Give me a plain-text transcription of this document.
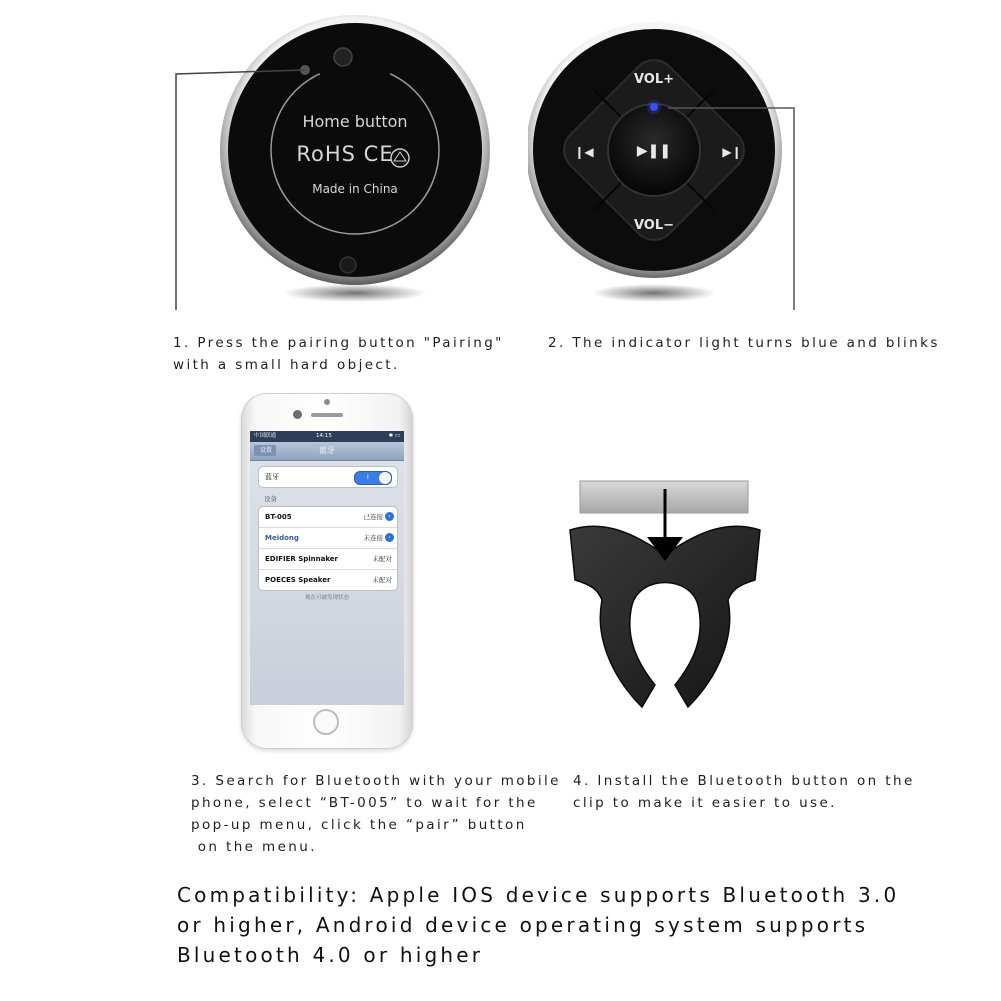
Home button
RoHS CE
Made in China
VOL+
VOL−
▶❚❚
❙◀	▶❙
1. Press the pairing button "Pairing"
with a small hard object.
2. The indicator light turns blue and blinks
中国联通	14:15	✱ ▭
设置	蓝牙
蓝牙	I
设备
BT-005	已连接 ›
Meidong	未连接 ›
EDIFIER Spinnaker	未配对
POECES Speaker	未配对
现在可被发现状态
3. Search for Bluetooth with your mobile
phone, select “BT-005” to wait for the
pop-up menu, click the “pair” button
on the menu.
4. Install the Bluetooth button on the
clip to make it easier to use.
Compatibility: Apple IOS device supports Bluetooth 3.0
or higher, Android device operating system supports
Bluetooth 4.0 or higher
